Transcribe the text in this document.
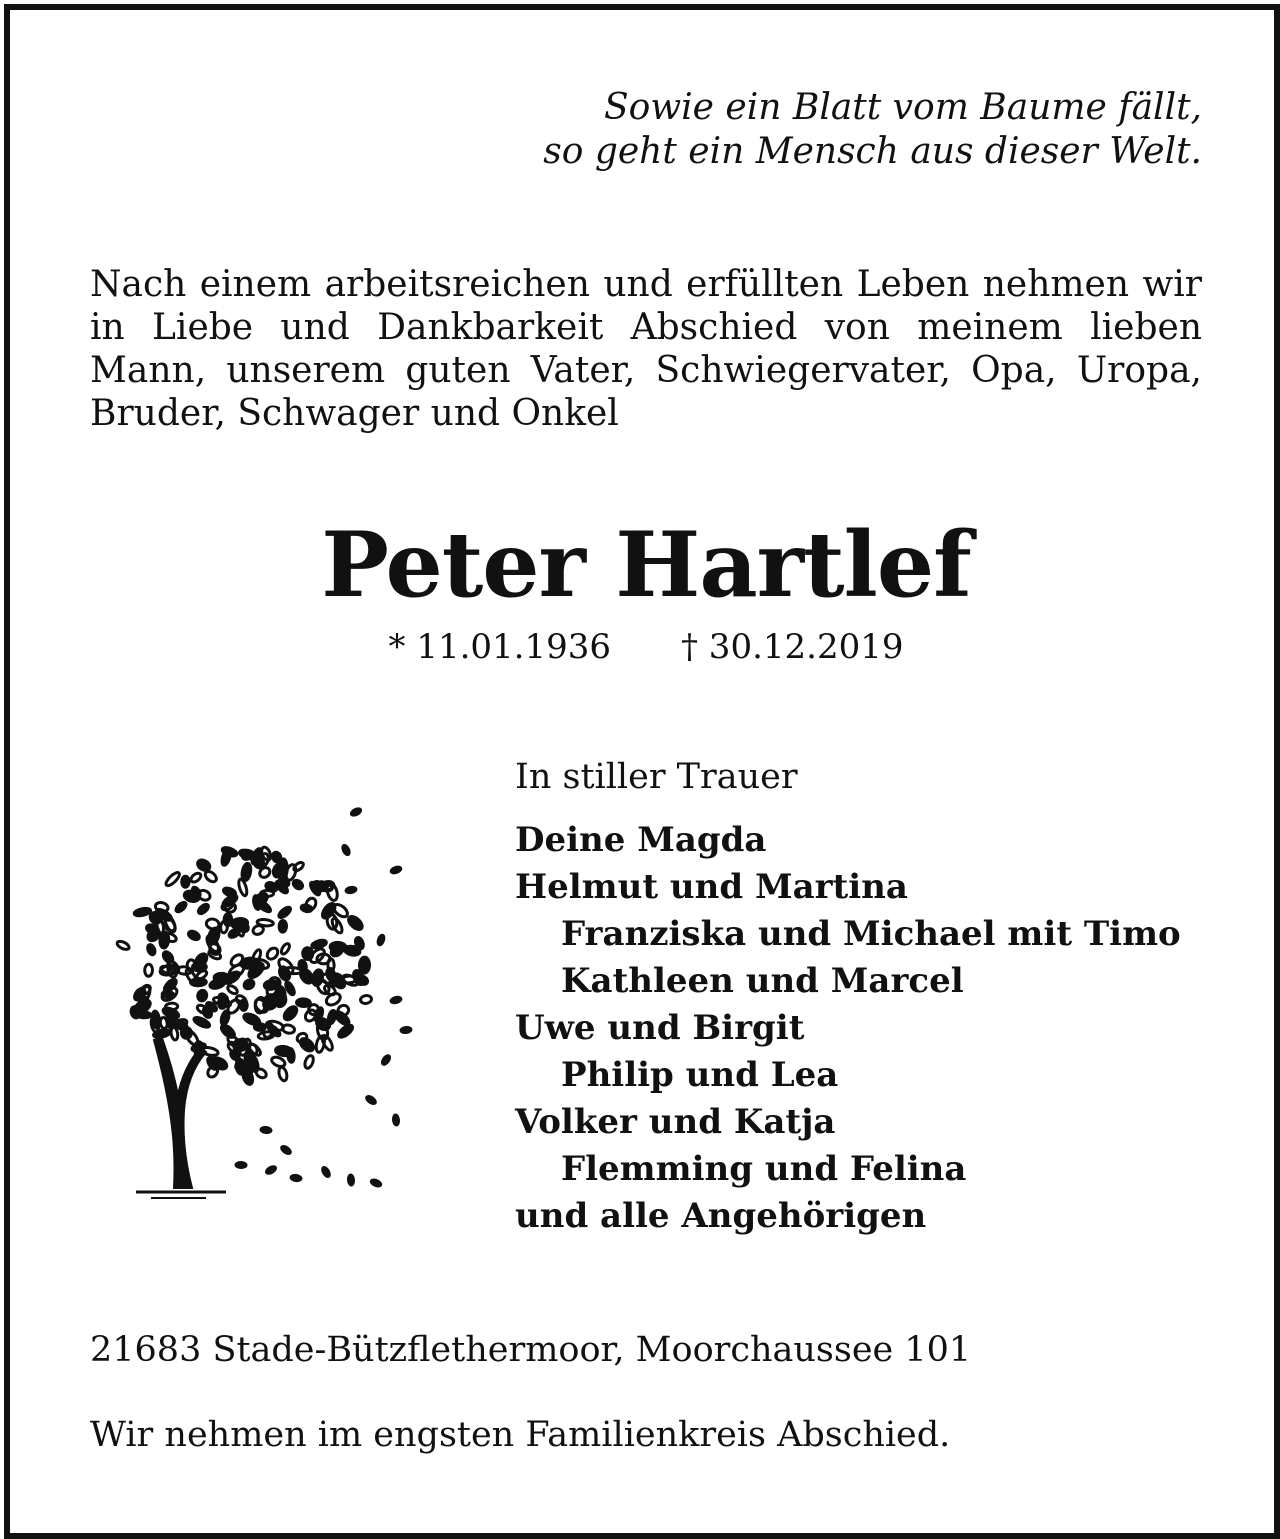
Sowie ein Blatt vom Baume fällt,
so geht ein Mensch aus dieser Welt.
Nach einem arbeitsreichen und erfüllten Leben nehmen wir in Liebe und Dankbarkeit Abschied von meinem lieben Mann, unserem guten Vater, Schwiegervater, Opa, Uropa, Bruder, Schwager und Onkel
Peter Hartlef
* 11.01.1936 † 30.12.2019
In stiller Trauer
Deine Magda
Helmut und Martina
Franziska und Michael mit Timo
Kathleen und Marcel
Uwe und Birgit
Philip und Lea
Volker und Katja
Flemming und Felina
und alle Angehörigen
21683 Stade-Bützflethermoor, Moorchaussee 101
Wir nehmen im engsten Familienkreis Abschied.
